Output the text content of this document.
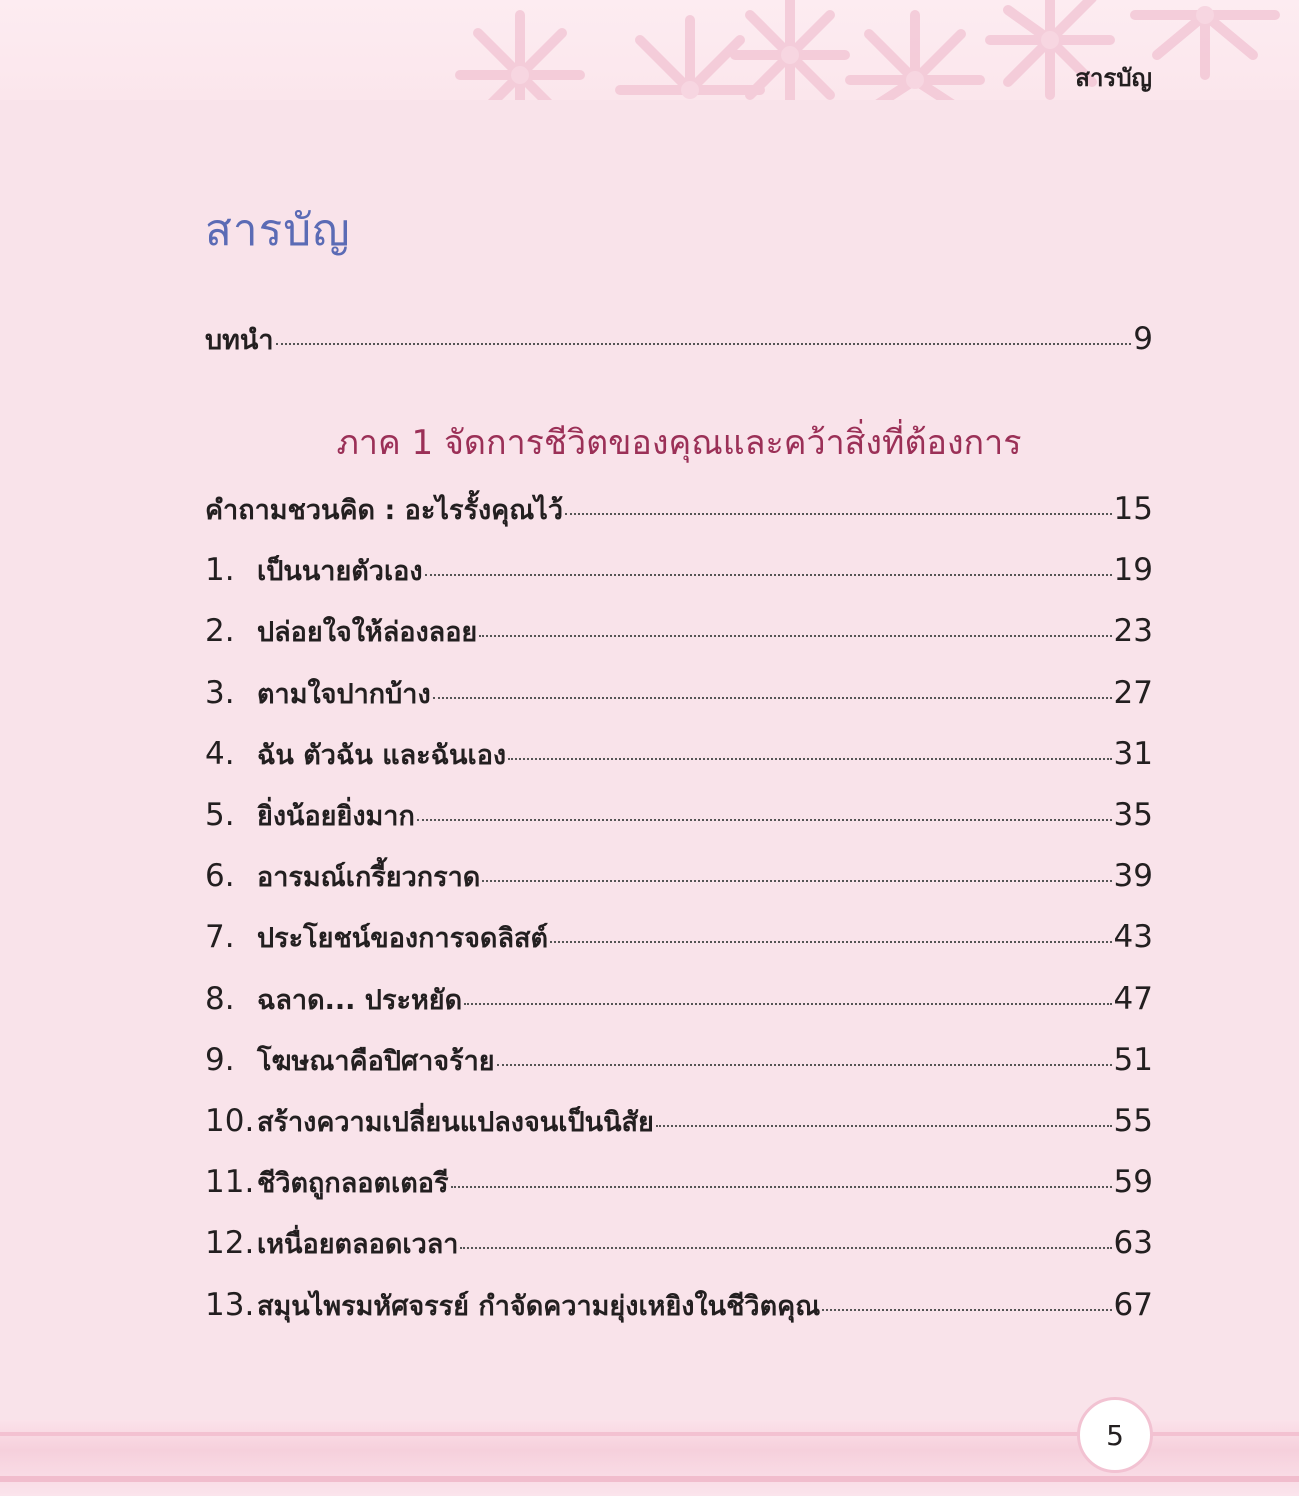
สารบัญ
สารบัญ
บทนำ	9
ภาค 1 จัดการชีวิตของคุณและคว้าสิ่งที่ต้องการ
คำถามชวนคิด : อะไรรั้งคุณไว้	15
1. เป็นนายตัวเอง	19
2. ปล่อยใจให้ล่องลอย	23
3. ตามใจปากบ้าง	27
4. ฉัน ตัวฉัน และฉันเอง	31
5. ยิ่งน้อยยิ่งมาก	35
6. อารมณ์เกรี้ยวกราด	39
7. ประโยชน์ของการจดลิสต์	43
8. ฉลาด... ประหยัด	47
9. โฆษณาคือปิศาจร้าย	51
10. สร้างความเปลี่ยนแปลงจนเป็นนิสัย	55
11. ชีวิตถูกลอตเตอรี	59
12. เหนื่อยตลอดเวลา	63
13. สมุนไพรมหัศจรรย์ กำจัดความยุ่งเหยิงในชีวิตคุณ	67
5
